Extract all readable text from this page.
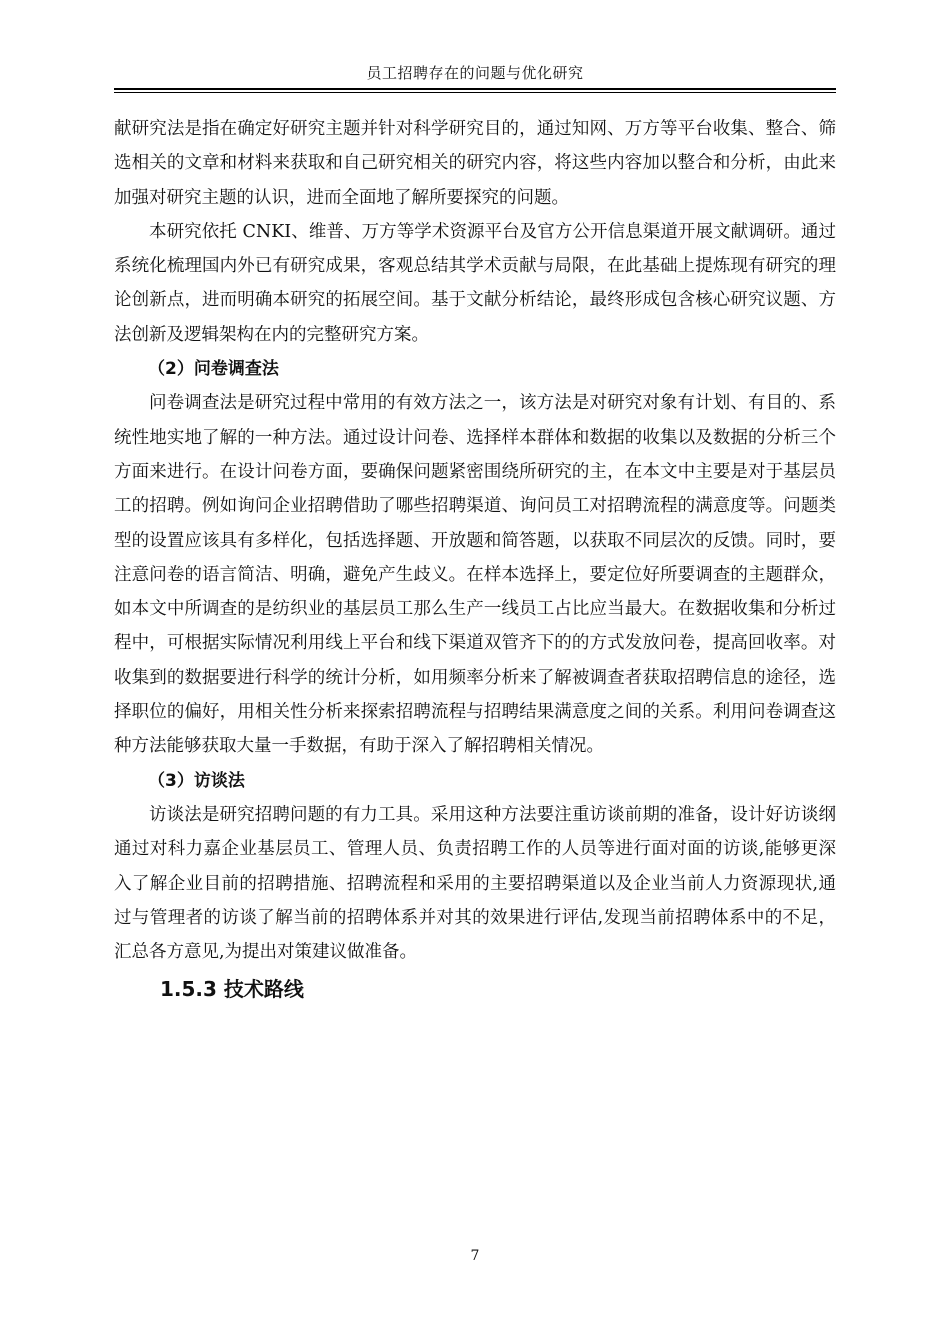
员工招聘存在的问题与优化研究

献研究法是指在确定好研究主题并针对科学研究目的，通过知网、万方等平台收集、整合、筛选相关的文章和材料来获取和自己研究相关的研究内容，将这些内容加以整合和分析，由此来加强对研究主题的认识，进而全面地了解所要探究的问题。

本研究依托 CNKI、维普、万方等学术资源平台及官方公开信息渠道开展文献调研。通过系统化梳理国内外已有研究成果，客观总结其学术贡献与局限，在此基础上提炼现有研究的理论创新点，进而明确本研究的拓展空间。基于文献分析结论，最终形成包含核心研究议题、方法创新及逻辑架构在内的完整研究方案。

（2）问卷调查法

问卷调查法是研究过程中常用的有效方法之一，该方法是对研究对象有计划、有目的、系统性地实地了解的一种方法。通过设计问卷、选择样本群体和数据的收集以及数据的分析三个方面来进行。在设计问卷方面，要确保问题紧密围绕所研究的主，在本文中主要是对于基层员工的招聘。例如询问企业招聘借助了哪些招聘渠道、询问员工对招聘流程的满意度等。问题类型的设置应该具有多样化，包括选择题、开放题和简答题，以获取不同层次的反馈。同时，要注意问卷的语言简洁、明确，避免产生歧义。在样本选择上，要定位好所要调查的主题群众，如本文中所调查的是纺织业的基层员工那么生产一线员工占比应当最大。在数据收集和分析过程中，可根据实际情况利用线上平台和线下渠道双管齐下的的方式发放问卷，提高回收率。对收集到的数据要进行科学的统计分析，如用频率分析来了解被调查者获取招聘信息的途径，选择职位的偏好，用相关性分析来探索招聘流程与招聘结果满意度之间的关系。利用问卷调查这种方法能够获取大量一手数据，有助于深入了解招聘相关情况。

（3）访谈法

访谈法是研究招聘问题的有力工具。采用这种方法要注重访谈前期的准备，设计好访谈纲通过对科力嘉企业基层员工、管理人员、负责招聘工作的人员等进行面对面的访谈,能够更深入了解企业目前的招聘措施、招聘流程和采用的主要招聘渠道以及企业当前人力资源现状,通过与管理者的访谈了解当前的招聘体系并对其的效果进行评估,发现当前招聘体系中的不足，汇总各方意见,为提出对策建议做准备。

1.5.3 技术路线
7
